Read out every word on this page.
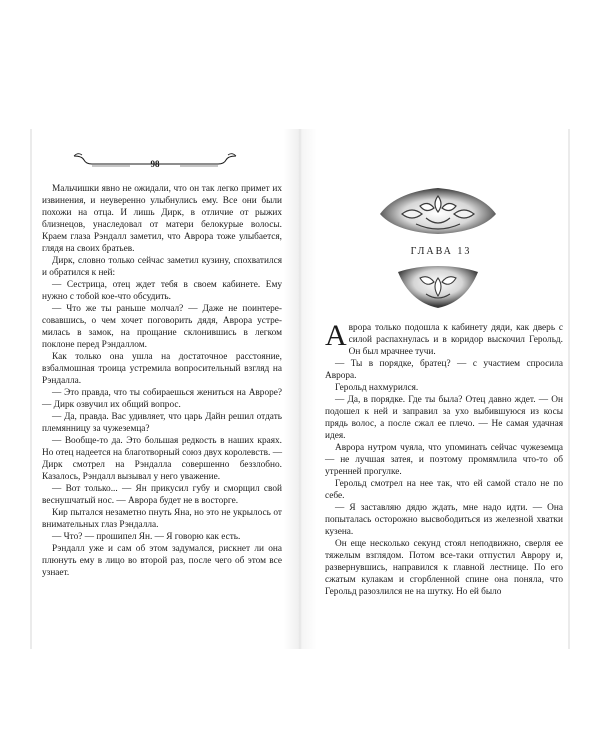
98

Мальчишки явно не ожидали, что он так легко примет их извинения, и неуверенно улыбнулись ему. Все они были похожи на отца. И лишь Дирк, в отличие от рыжих близнецов, унаследовал от матери белокурые волосы. Краем глаза Рэндалл заметил, что Аврора тоже улыбается, глядя на своих братьев.

Дирк, словно только сейчас заметил кузину, спохватился и обратился к ней:

— Сестрица, отец ждет тебя в своем кабинете. Ему нужно с тобой кое-что обсудить.

— Что же ты раньше молчал? — Даже не поинтересовавшись, о чем хочет поговорить дядя, Аврора устремилась в замок, на прощание склонившись в легком поклоне перед Рэндаллом.

Как только она ушла на достаточное расстояние, взбалмошная троица устремила вопросительный взгляд на Рэндалла.

— Это правда, что ты собираешься жениться на Авроре? — Дирк озвучил их общий вопрос.

— Да, правда. Вас удивляет, что царь Дайн решил отдать племянницу за чужеземца?

— Вообще-то да. Это большая редкость в наших краях. Но отец надеется на благотворный союз двух королевств. — Дирк смотрел на Рэндалла совершенно беззлобно. Казалось, Рэндалл вызывал у него уважение.

— Вот только... — Ян прикусил губу и сморщил свой веснушчатый нос. — Аврора будет не в восторге.

Кир пытался незаметно пнуть Яна, но это не укрылось от внимательных глаз Рэндалла.

— Что? — прошипел Ян. — Я говорю как есть.

Рэндалл уже и сам об этом задумался, рискнет ли она плюнуть ему в лицо во второй раз, после чего об этом все узнает.

ГЛАВА 13

Аврора только подошла к кабинету дяди, как дверь с силой распахнулась и в коридор выскочил Герольд. Он был мрачнее тучи.

— Ты в порядке, братец? — с участием спросила Аврора.

Герольд нахмурился.

— Да, в порядке. Где ты была? Отец давно ждет. — Он подошел к ней и заправил за ухо выбившуюся из косы прядь волос, а после сжал ее плечо. — Не самая удачная идея.

Аврора нутром чуяла, что упоминать сейчас чужеземца — не лучшая затея, и поэтому промямлила что-то об утренней прогулке.

Герольд смотрел на нее так, что ей самой стало не по себе.

— Я заставляю дядю ждать, мне надо идти. — Она попыталась осторожно высвободиться из железной хватки кузена.

Он еще несколько секунд стоял неподвижно, сверля ее тяжелым взглядом. Потом все-таки отпустил Аврору и, развернувшись, направился к главной лестнице. По его сжатым кулакам и сгорбленной спине она поняла, что Герольд разозлился не на шутку. Но ей было
